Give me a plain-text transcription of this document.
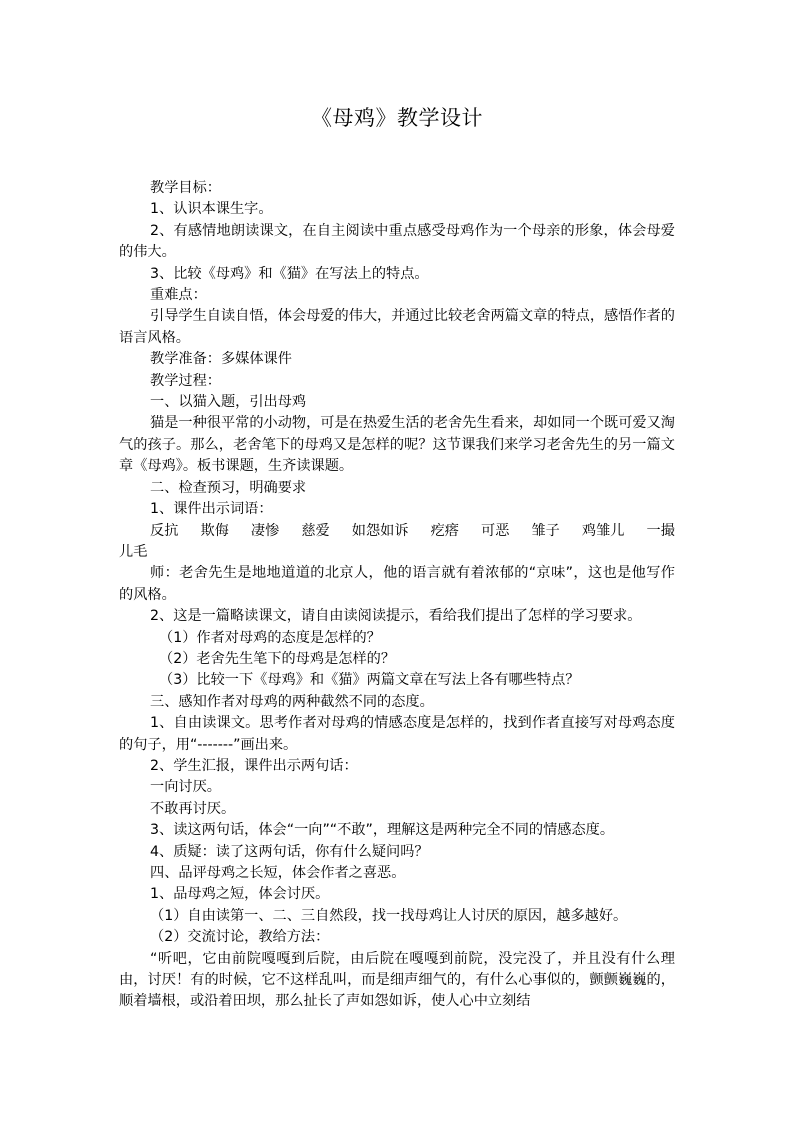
《母鸡》教学设计

教学目标：

1、认识本课生字。

2、有感情地朗读课文，在自主阅读中重点感受母鸡作为一个母亲的形象，体会母爱的伟大。

3、比较《母鸡》和《猫》在写法上的特点。

重难点：

引导学生自读自悟，体会母爱的伟大，并通过比较老舍两篇文章的特点，感悟作者的语言风格。

教学准备：多媒体课件

教学过程：

一、以猫入题，引出母鸡

猫是一种很平常的小动物，可是在热爱生活的老舍先生看来，却如同一个既可爱又淘气的孩子。那么，老舍笔下的母鸡又是怎样的呢？这节课我们来学习老舍先生的另一篇文章《母鸡》。板书课题，生齐读课题。

二、检查预习，明确要求

1、课件出示词语：

反抗 欺侮 凄惨 慈爱 如怨如诉 疙瘩 可恶 雏子 鸡雏儿 一撮

儿毛

师：老舍先生是地地道道的北京人，他的语言就有着浓郁的“京味”，这也是他写作的风格。

2、这是一篇略读课文，请自由读阅读提示，看给我们提出了怎样的学习要求。

（1）作者对母鸡的态度是怎样的？

（2）老舍先生笔下的母鸡是怎样的？

（3）比较一下《母鸡》和《猫》两篇文章在写法上各有哪些特点？

三、感知作者对母鸡的两种截然不同的态度。

1、自由读课文。思考作者对母鸡的情感态度是怎样的，找到作者直接写对母鸡态度的句子，用“-------”画出来。

2、学生汇报，课件出示两句话：

一向讨厌。

不敢再讨厌。

3、读这两句话，体会“一向”“不敢”，理解这是两种完全不同的情感态度。

4、质疑：读了这两句话，你有什么疑问吗？

四、品评母鸡之长短，体会作者之喜恶。

1、品母鸡之短，体会讨厌。

（1）自由读第一、二、三自然段，找一找母鸡让人讨厌的原因，越多越好。

（2）交流讨论，教给方法：

“听吧，它由前院嘎嘎到后院，由后院在嘎嘎到前院，没完没了，并且没有什么理由，讨厌！有的时候，它不这样乱叫，而是细声细气的，有什么心事似的，颤颤巍巍的，顺着墙根，或沿着田坝，那么扯长了声如怨如诉，使人心中立刻结
